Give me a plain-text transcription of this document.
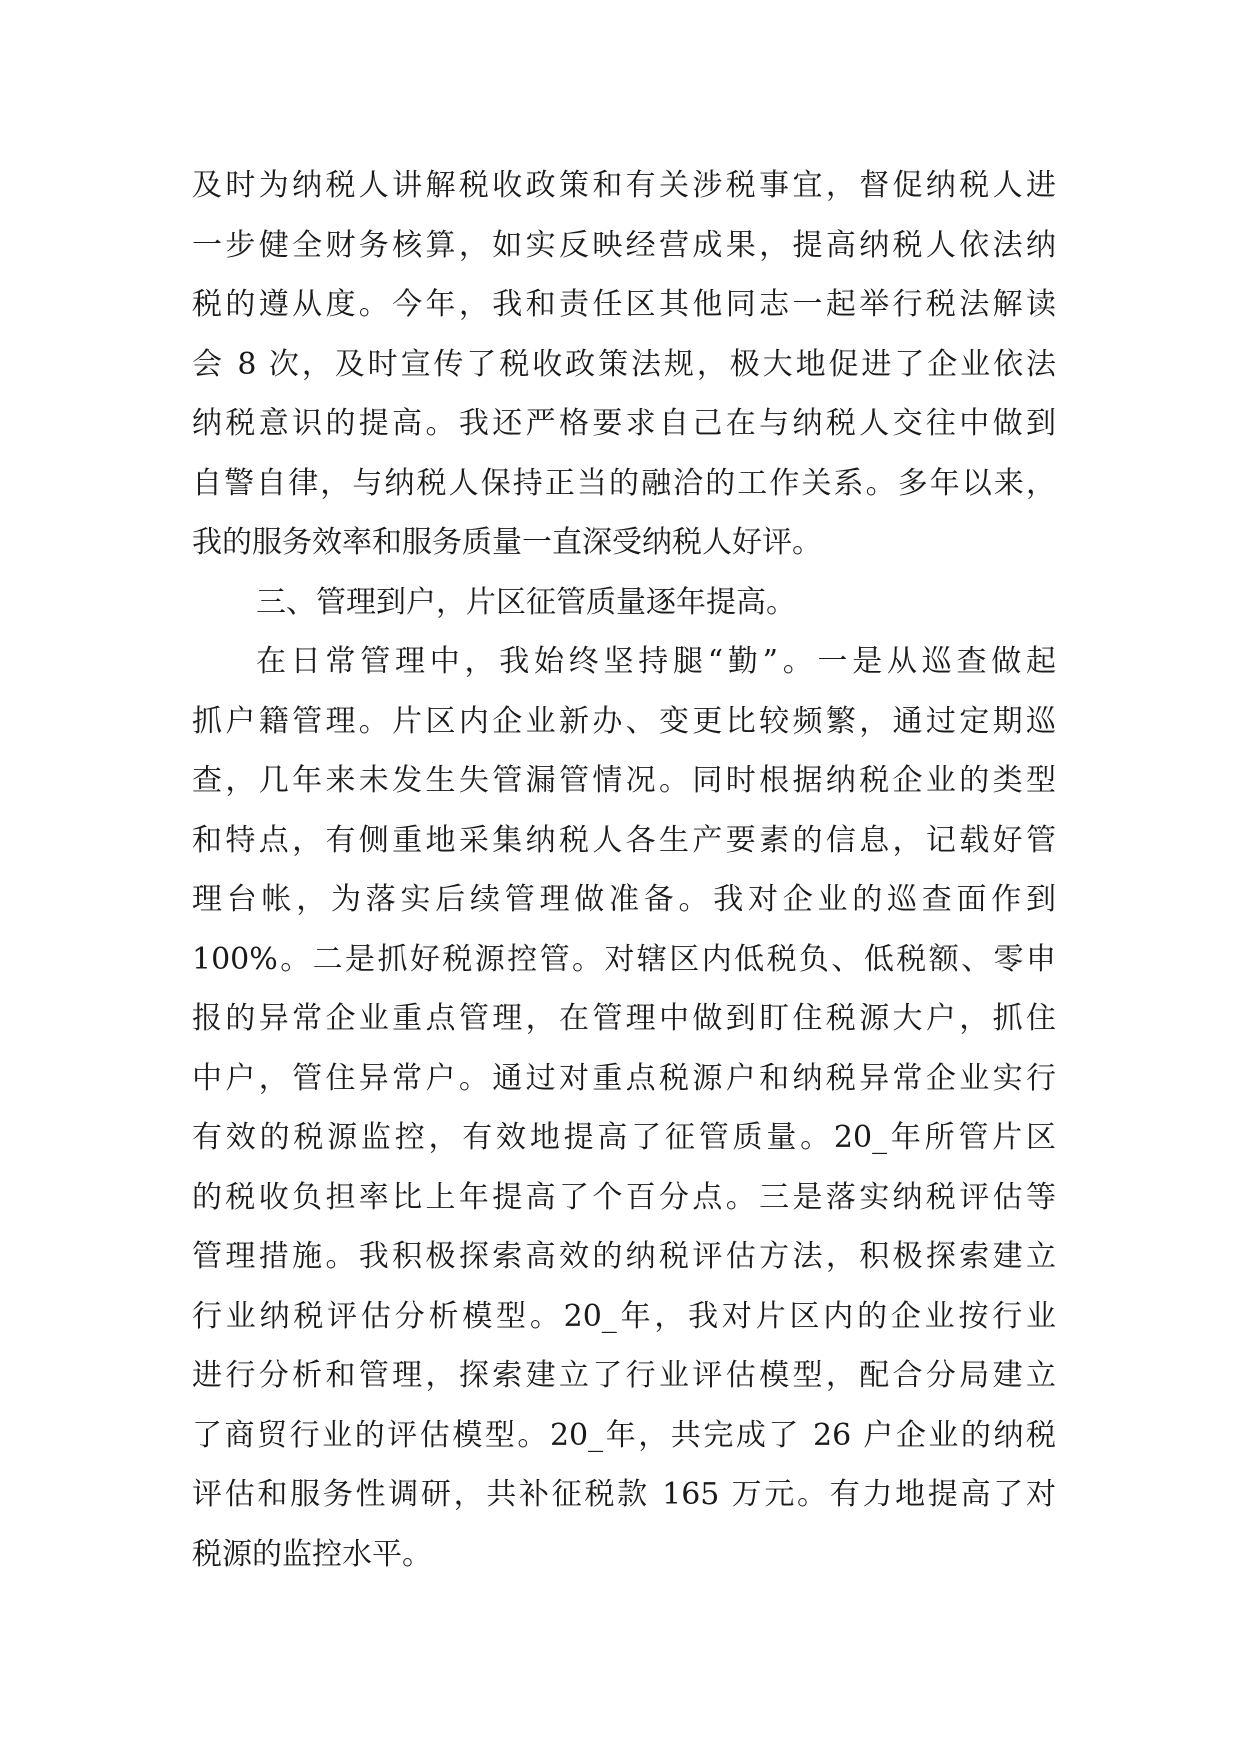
及时为纳税人讲解税收政策和有关涉税事宜，督促纳税人进
一步健全财务核算，如实反映经营成果，提高纳税人依法纳
税的遵从度。今年，我和责任区其他同志一起举行税法解读
会 8 次，及时宣传了税收政策法规，极大地促进了企业依法
纳税意识的提高。我还严格要求自己在与纳税人交往中做到
自警自律，与纳税人保持正当的融洽的工作关系。多年以来，
我的服务效率和服务质量一直深受纳税人好评。
三、管理到户，片区征管质量逐年提高。
在日常管理中，我始终坚持腿“勤”。一是从巡查做起
抓户籍管理。片区内企业新办、变更比较频繁，通过定期巡
查，几年来未发生失管漏管情况。同时根据纳税企业的类型
和特点，有侧重地采集纳税人各生产要素的信息，记载好管
理台帐，为落实后续管理做准备。我对企业的巡查面作到
100%。二是抓好税源控管。对辖区内低税负、低税额、零申
报的异常企业重点管理，在管理中做到盯住税源大户，抓住
中户，管住异常户。通过对重点税源户和纳税异常企业实行
有效的税源监控，有效地提高了征管质量。20_年所管片区
的税收负担率比上年提高了个百分点。三是落实纳税评估等
管理措施。我积极探索高效的纳税评估方法，积极探索建立
行业纳税评估分析模型。20_年，我对片区内的企业按行业
进行分析和管理，探索建立了行业评估模型，配合分局建立
了商贸行业的评估模型。20_年，共完成了 26 户企业的纳税
评估和服务性调研，共补征税款 165 万元。有力地提高了对
税源的监控水平。
